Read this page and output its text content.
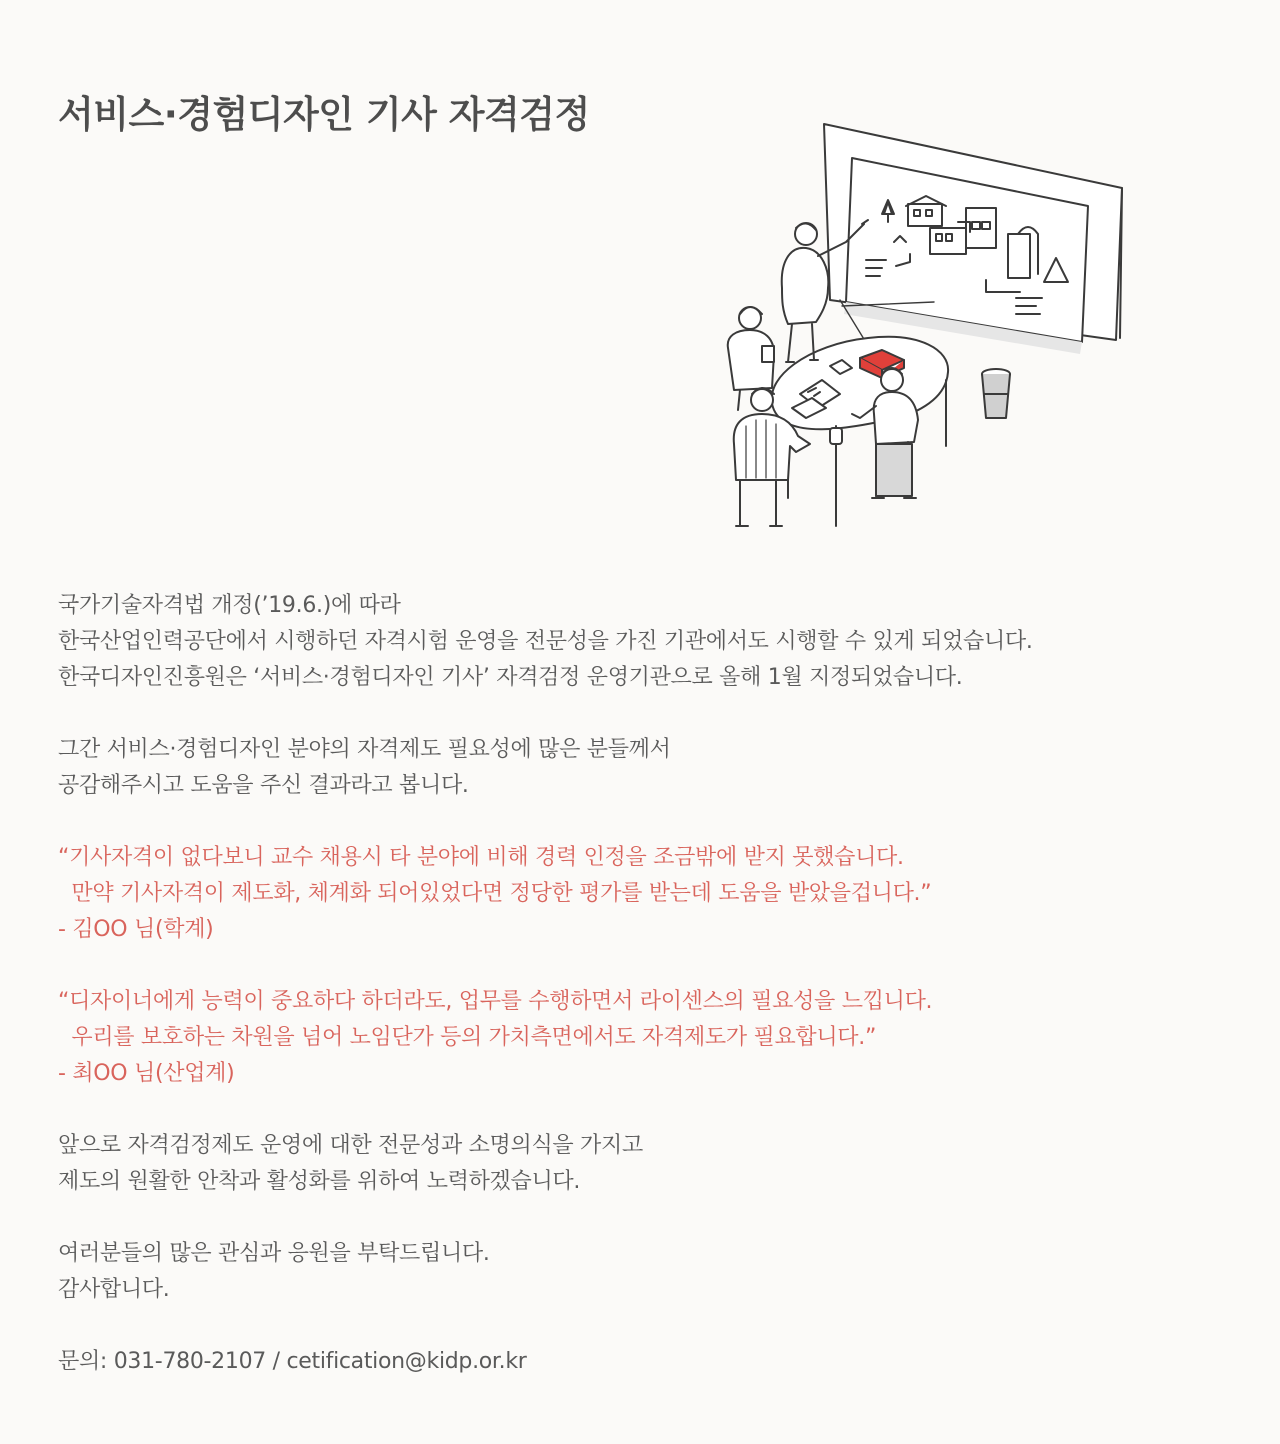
서비스·경험디자인 기사 자격검정

국가기술자격법 개정(’19.6.)에 따라
한국산업인력공단에서 시행하던 자격시험 운영을 전문성을 가진 기관에서도 시행할 수 있게 되었습니다.
한국디자인진흥원은 ‘서비스·경험디자인 기사’ 자격검정 운영기관으로 올해 1월 지정되었습니다.

그간 서비스·경험디자인 분야의 자격제도 필요성에 많은 분들께서
공감해주시고 도움을 주신 결과라고 봅니다.

“기사자격이 없다보니 교수 채용시 타 분야에 비해 경력 인정을 조금밖에 받지 못했습니다.
만약 기사자격이 제도화, 체계화 되어있었다면 정당한 평가를 받는데 도움을 받았을겁니다.”
- 김OO 님(학계)

“디자이너에게 능력이 중요하다 하더라도, 업무를 수행하면서 라이센스의 필요성을 느낍니다.
우리를 보호하는 차원을 넘어 노임단가 등의 가치측면에서도 자격제도가 필요합니다.”
- 최OO 님(산업계)

앞으로 자격검정제도 운영에 대한 전문성과 소명의식을 가지고
제도의 원활한 안착과 활성화를 위하여 노력하겠습니다.

여러분들의 많은 관심과 응원을 부탁드립니다.
감사합니다.

문의: 031-780-2107 / cetification@kidp.or.kr
